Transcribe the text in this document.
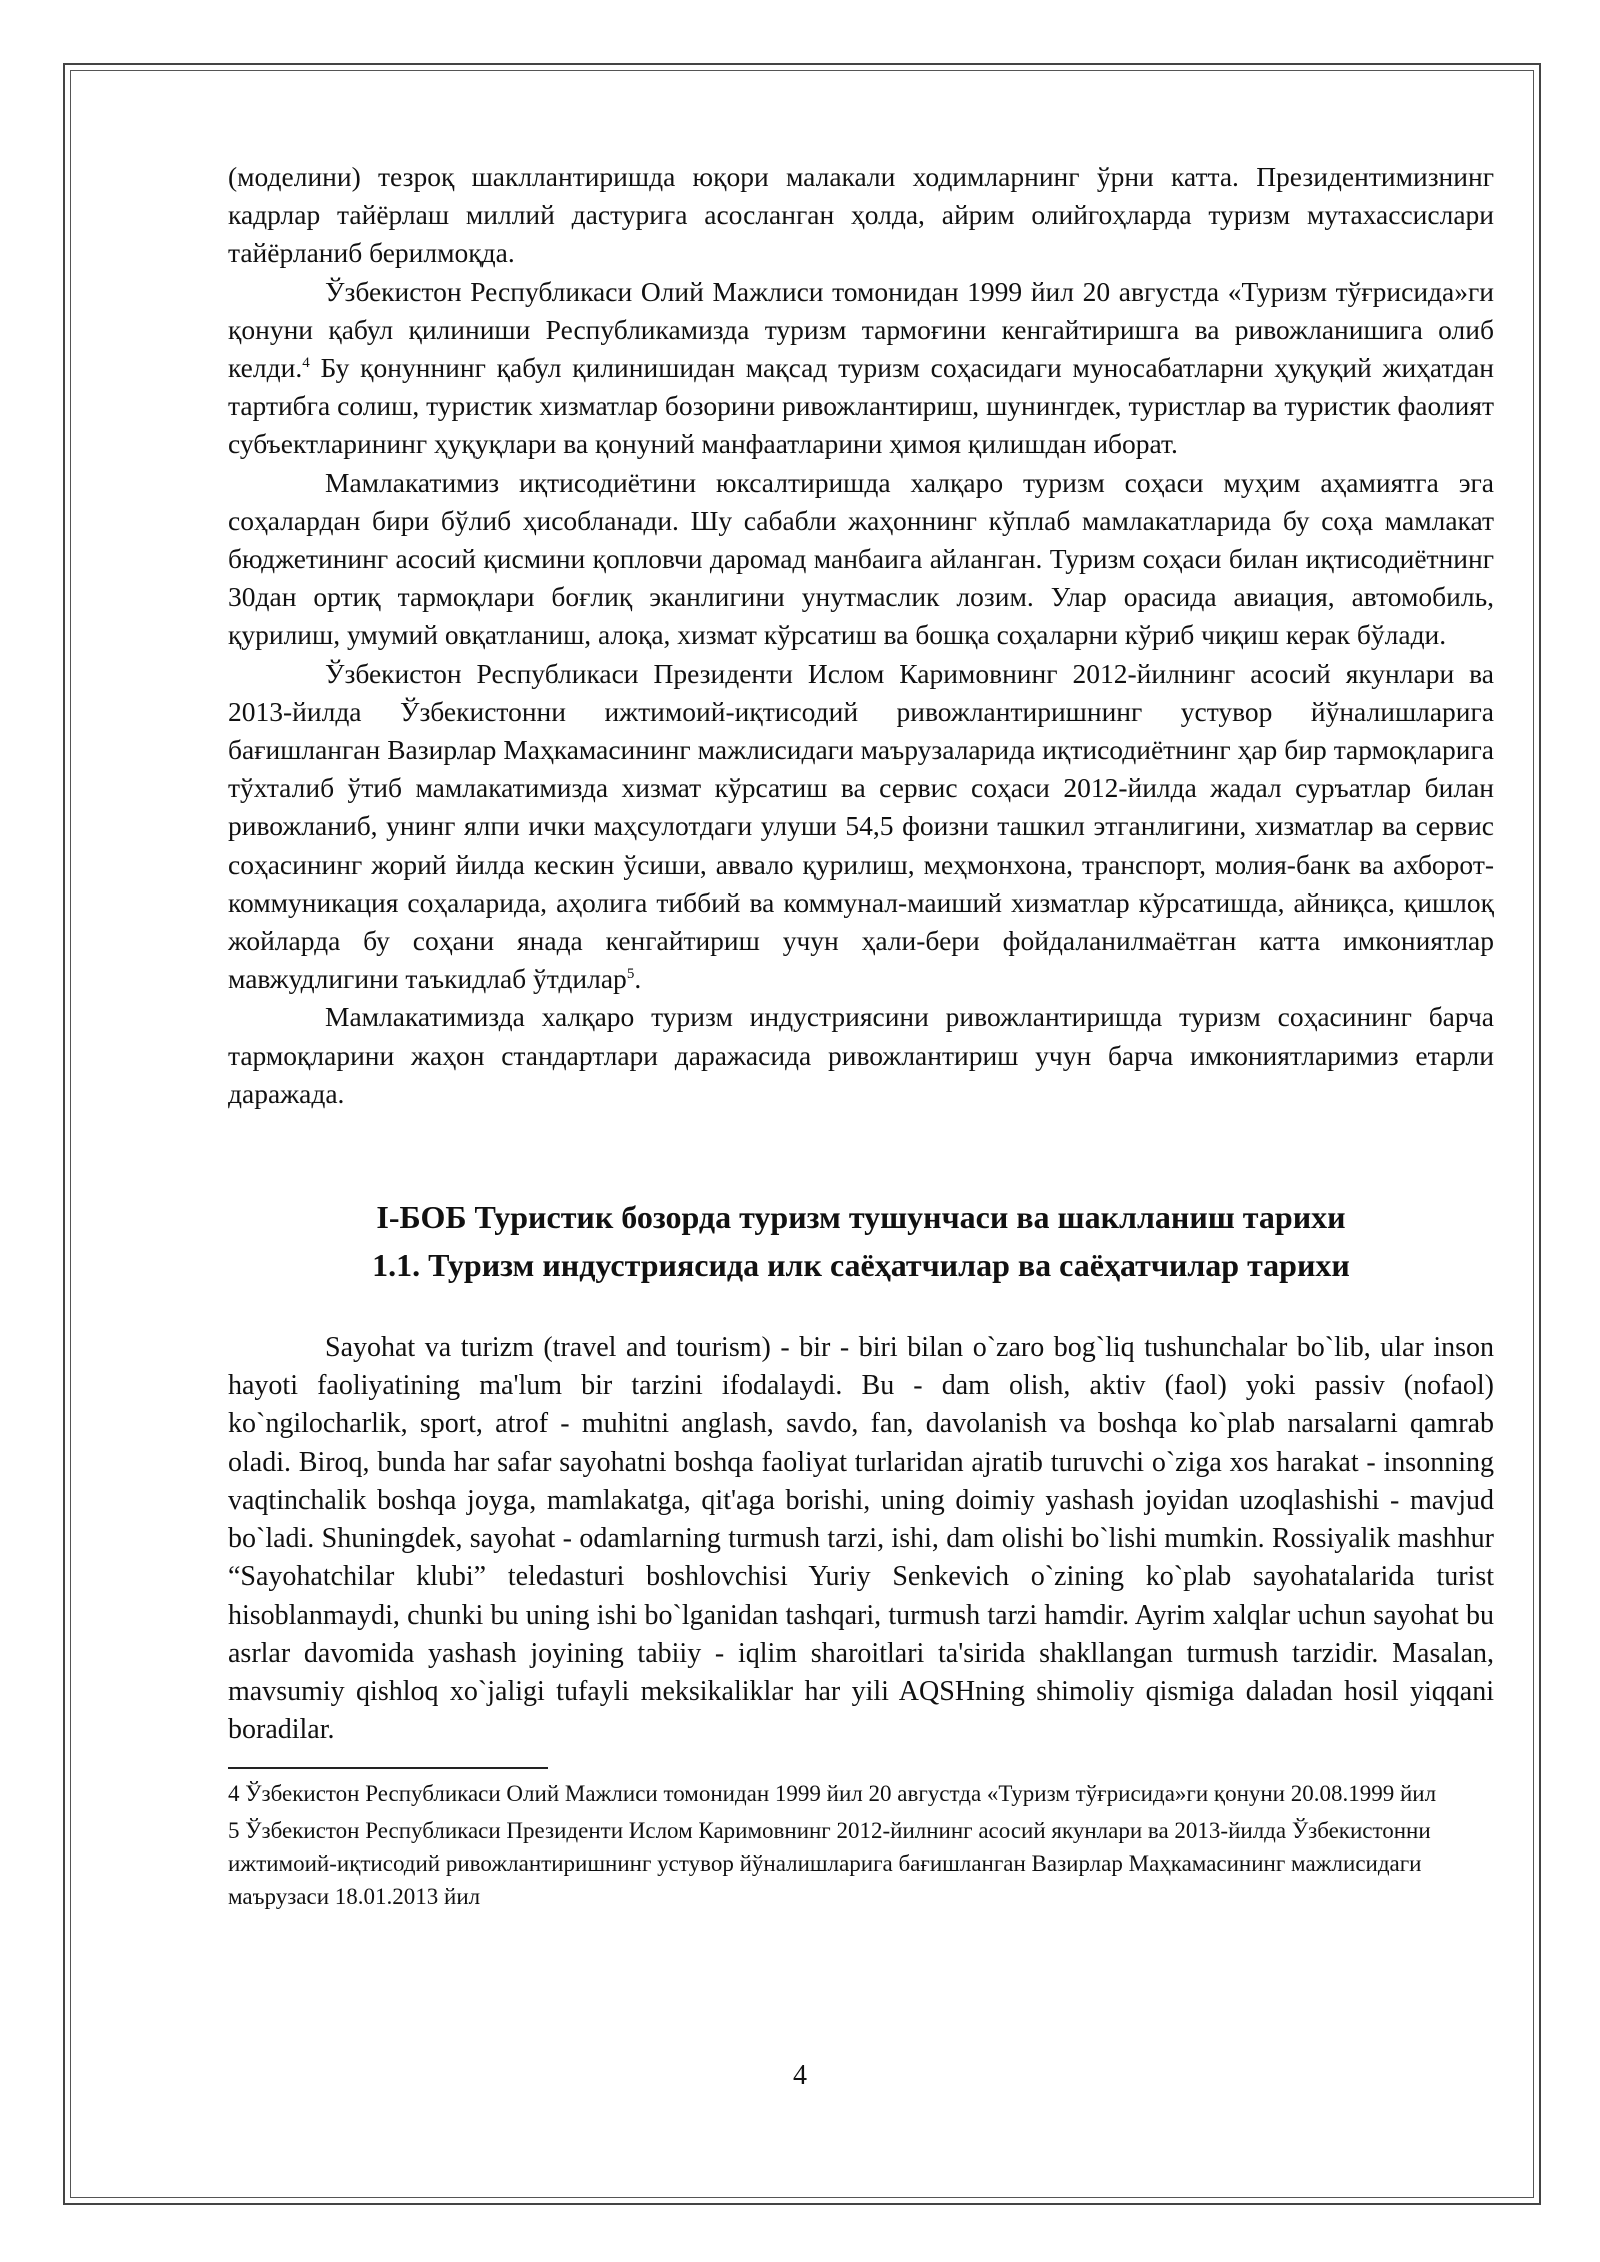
(моделини) тезроқ шакллантиришда юқори малакали ходимларнинг ўрни катта. Президентимизнинг кадрлар тайёрлаш миллий дастурига асосланган ҳолда, айрим олийгоҳларда туризм мутахассислари тайёрланиб берилмоқда.

Ўзбекистон Республикаси Олий Мажлиси томонидан 1999 йил 20 августда «Туризм тўғрисида»ги қонуни қабул қилиниши Республикамизда туризм тармоғини кенгайтиришга ва ривожланишига олиб келди.$^4$ Бу қонуннинг қабул қилинишидан мақсад туризм соҳасидаги муносабатларни ҳуқуқий жиҳатдан тартибга солиш, туристик хизматлар бозорини ривожлантириш, шунингдек, туристлар ва туристик фаолият субъектларининг ҳуқуқлари ва қонуний манфаатларини ҳимоя қилишдан иборат.

Мамлакатимиз иқтисодиётини юксалтиришда халқаро туризм соҳаси муҳим аҳамиятга эга соҳалардан бири бўлиб ҳисобланади. Шу сабабли жаҳоннинг кўплаб мамлакатларида бу соҳа мамлакат бюджетининг асосий қисмини қопловчи даромад манбаига айланган. Туризм соҳаси билан иқтисодиётнинг 30дан ортиқ тармоқлари боғлиқ эканлигини унутмаслик лозим. Улар орасида авиация, автомобиль, қурилиш, умумий овқатланиш, алоқа, хизмат кўрсатиш ва бошқа соҳаларни кўриб чиқиш керак бўлади.

Ўзбекистон Республикаси Президенти Ислом Каримовнинг 2012-йилнинг асосий якунлари ва 2013-йилда Ўзбекистонни ижтимоий-иқтисодий ривожлантиришнинг устувор йўналишларига бағишланган Вазирлар Маҳкамасининг мажлисидаги маърузаларида иқтисодиётнинг ҳар бир тармоқларига тўхталиб ўтиб мамлакатимизда хизмат кўрсатиш ва сервис соҳаси 2012-йилда жадал суръатлар билан ривожланиб, унинг ялпи ички маҳсулотдаги улуши 54,5 фоизни ташкил этганлигини, хизматлар ва сервис соҳасининг жорий йилда кескин ўсиши, аввало қурилиш, меҳмонхона, транспорт, молия-банк ва ахборот-коммуникация соҳаларида, аҳолига тиббий ва коммунал-маиший хизматлар кўрсатишда, айниқса, қишлоқ жойларда бу соҳани янада кенгайтириш учун ҳали-бери фойдаланилмаётган катта имкониятлар мавжудлигини таъкидлаб ўтдилар$^5$.

Мамлакатимизда халқаро туризм индустриясини ривожлантиришда туризм соҳасининг барча тармоқларини жаҳон стандартлари даражасида ривожлантириш учун барча имкониятларимиз етарли даражада.

I-БОБ Туристик бозорда туризм тушунчаси ва шаклланиш тарихи

1.1. Туризм индустриясида илк саёҳатчилар ва саёҳатчилар тарихи

Sayohat va turizm (travel and tourism) - bir - biri bilan o`zaro bog`liq tushunchalar bo`lib, ular inson hayoti faoliyatining ma'lum bir tarzini ifodalaydi. Bu - dam olish, aktiv (faol) yoki passiv (nofaol) ko`ngilocharlik, sport, atrof - muhitni anglash, savdo, fan, davolanish va boshqa ko`plab narsalarni qamrab oladi. Biroq, bunda har safar sayohatni boshqa faoliyat turlaridan ajratib turuvchi o`ziga xos harakat - insonning vaqtinchalik boshqa joyga, mamlakatga, qit'aga borishi, uning doimiy yashash joyidan uzoqlashishi - mavjud bo`ladi. Shuningdek, sayohat - odamlarning turmush tarzi, ishi, dam olishi bo`lishi mumkin. Rossiyalik mashhur “Sayohatchilar klubi” teledasturi boshlovchisi Yuriy Senkevich o`zining ko`plab sayohatalarida turist hisoblanmaydi, chunki bu uning ishi bo`lganidan tashqari, turmush tarzi hamdir. Ayrim xalqlar uchun sayohat bu asrlar davomida yashash joyining tabiiy - iqlim sharoitlari ta'sirida shakllangan turmush tarzidir. Masalan, mavsumiy qishloq xo`jaligi tufayli meksikaliklar har yili AQSHning shimoliy qismiga daladan hosil yiqqani boradilar.

4 Ўзбекистон Республикаси Олий Мажлиси томонидан 1999 йил 20 августда «Туризм тўғрисида»ги қонуни 20.08.1999 йил

5 Ўзбекистон Республикаси Президенти Ислом Каримовнинг 2012-йилнинг асосий якунлари ва 2013-йилда Ўзбекистонни ижтимоий-иқтисодий ривожлантиришнинг устувор йўналишларига бағишланган Вазирлар Маҳкамасининг мажлисидаги маърузаси 18.01.2013 йил

4
